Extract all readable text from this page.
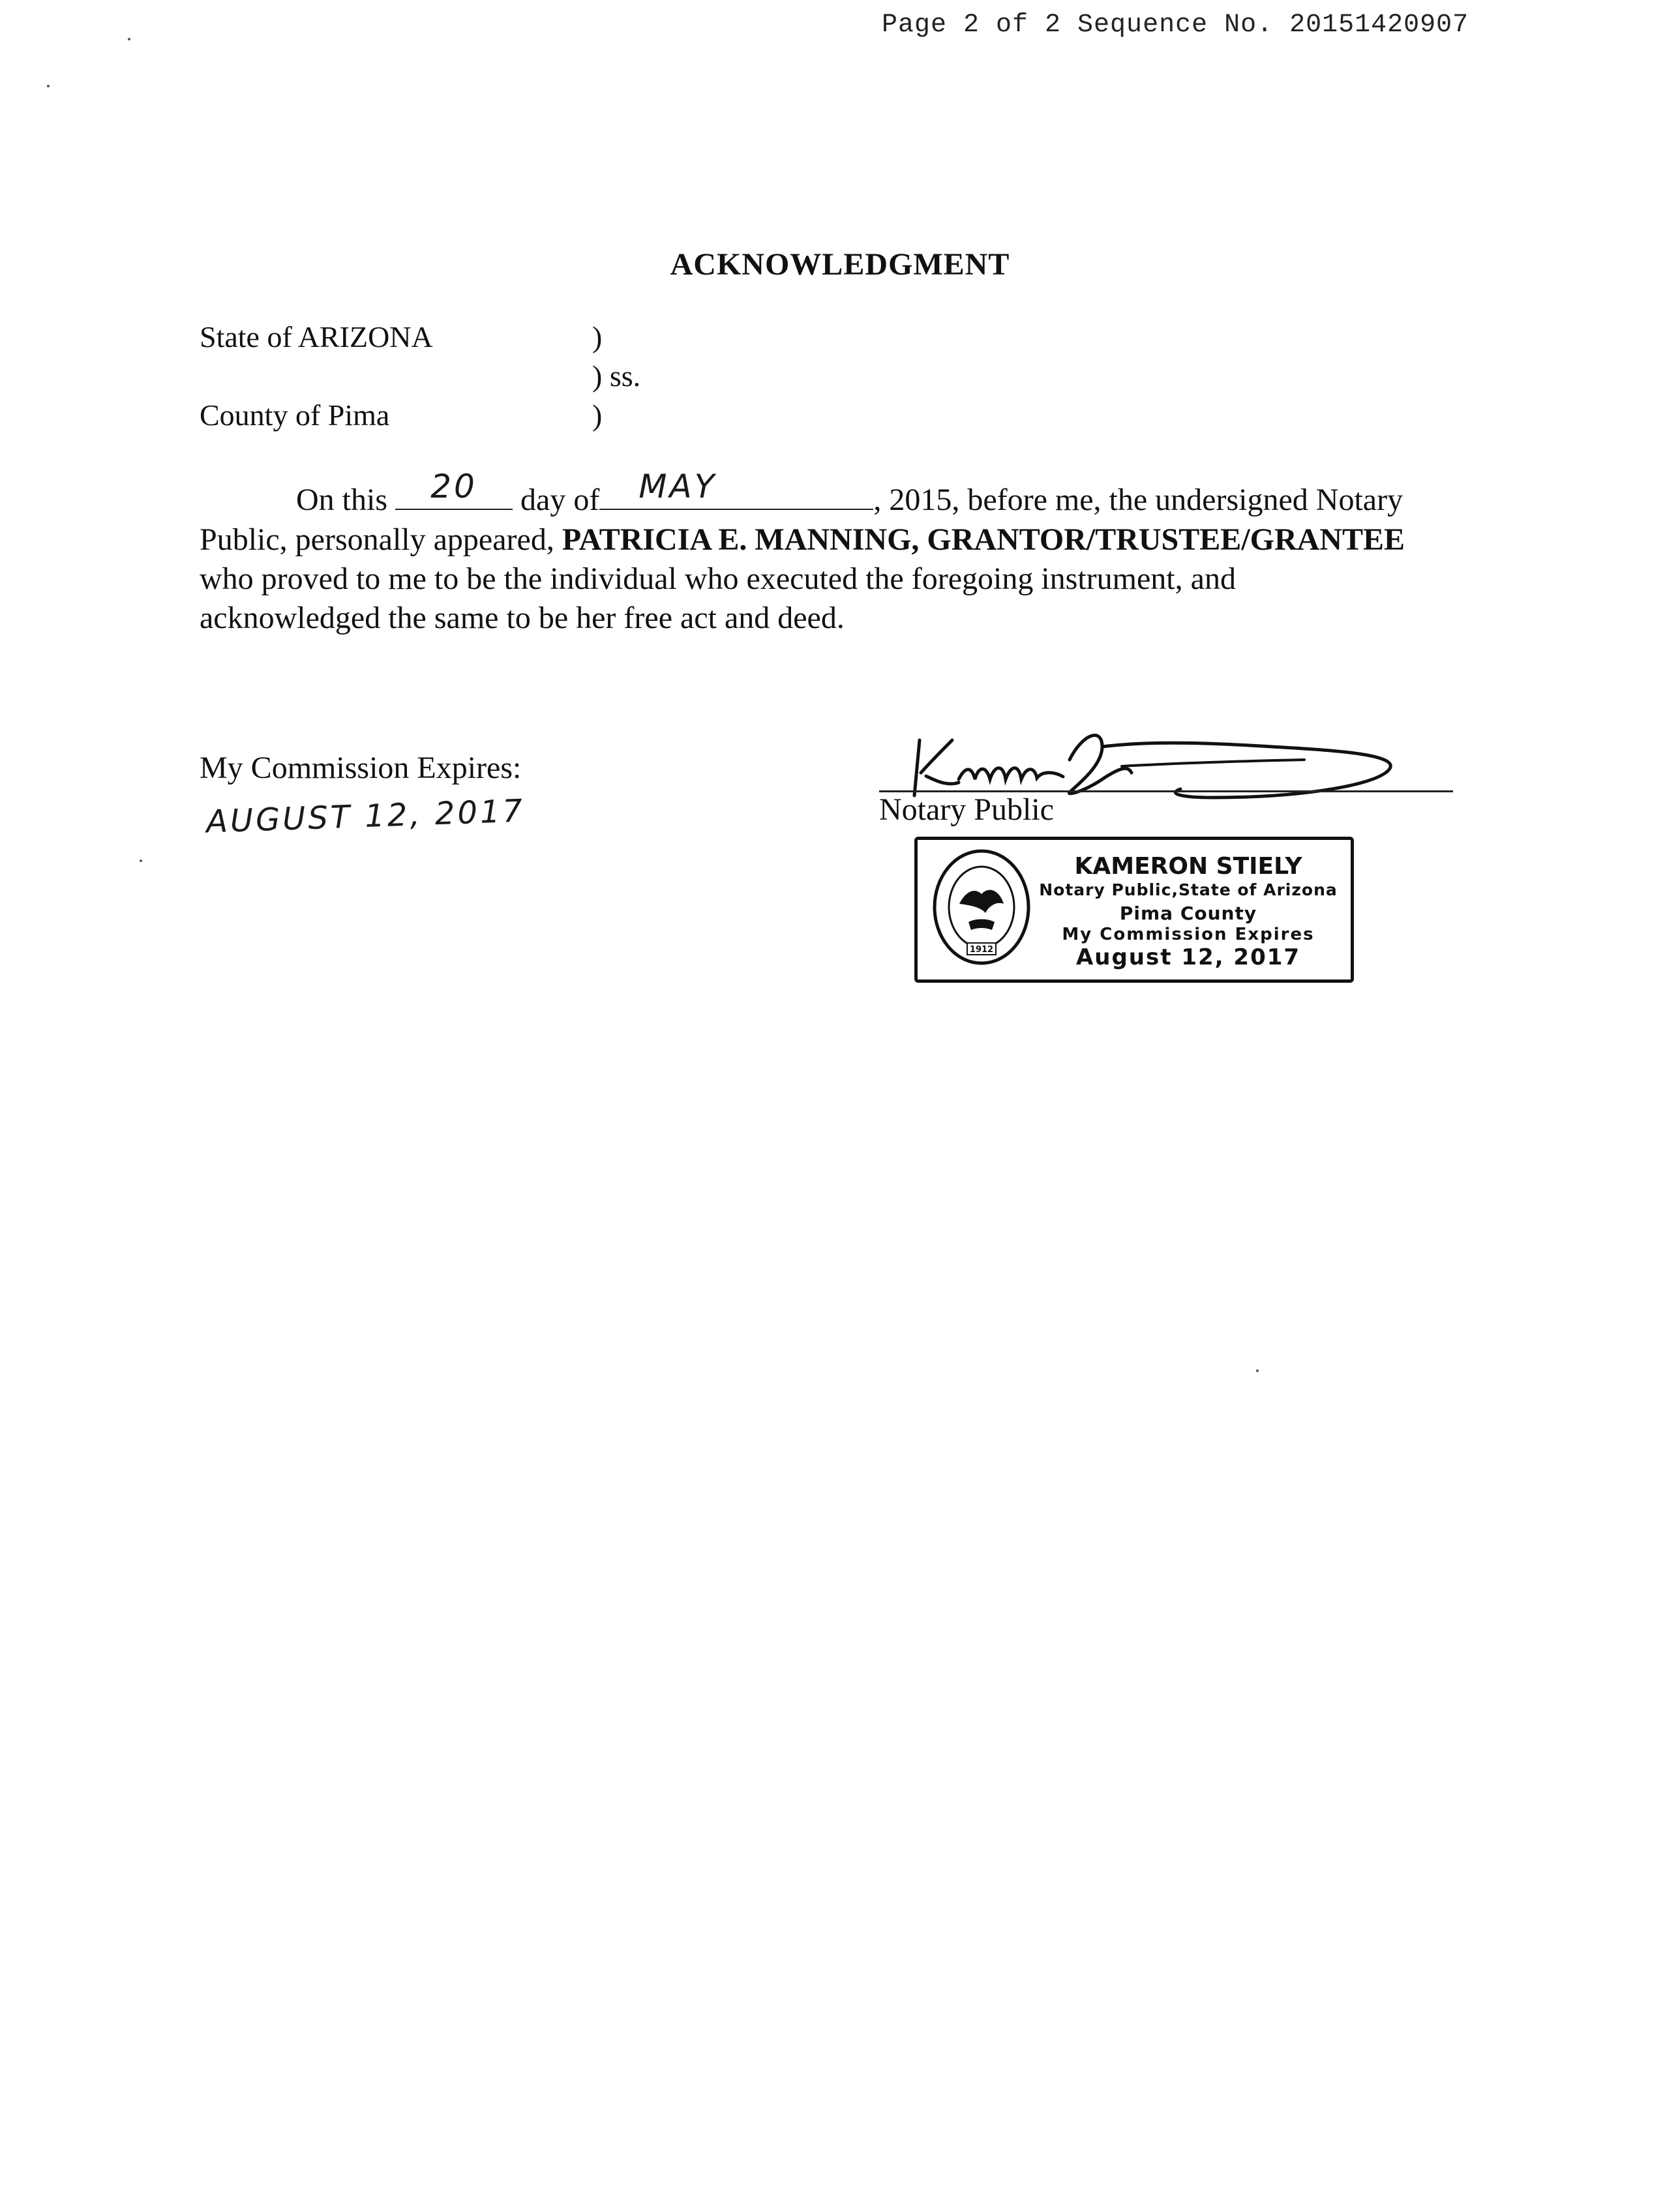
Page 2 of 2 Sequence No. 20151420907
ACKNOWLEDGMENT
State of ARIZONA	)
) ss.
County of Pima	)
On this	20	day of	MAY	, 2015, before me, the undersigned Notary
Public, personally appeared, PATRICIA E. MANNING, GRANTOR/TRUSTEE/GRANTEE
who proved to me to be the individual who executed the foregoing instrument, and
acknowledged the same to be her free act and deed.
My Commission Expires:
AUGUST 12, 2017	Notary Public
1912
KAMERON STIELY
Notary Public,State of Arizona
Pima County
My Commission Expires
August 12, 2017
